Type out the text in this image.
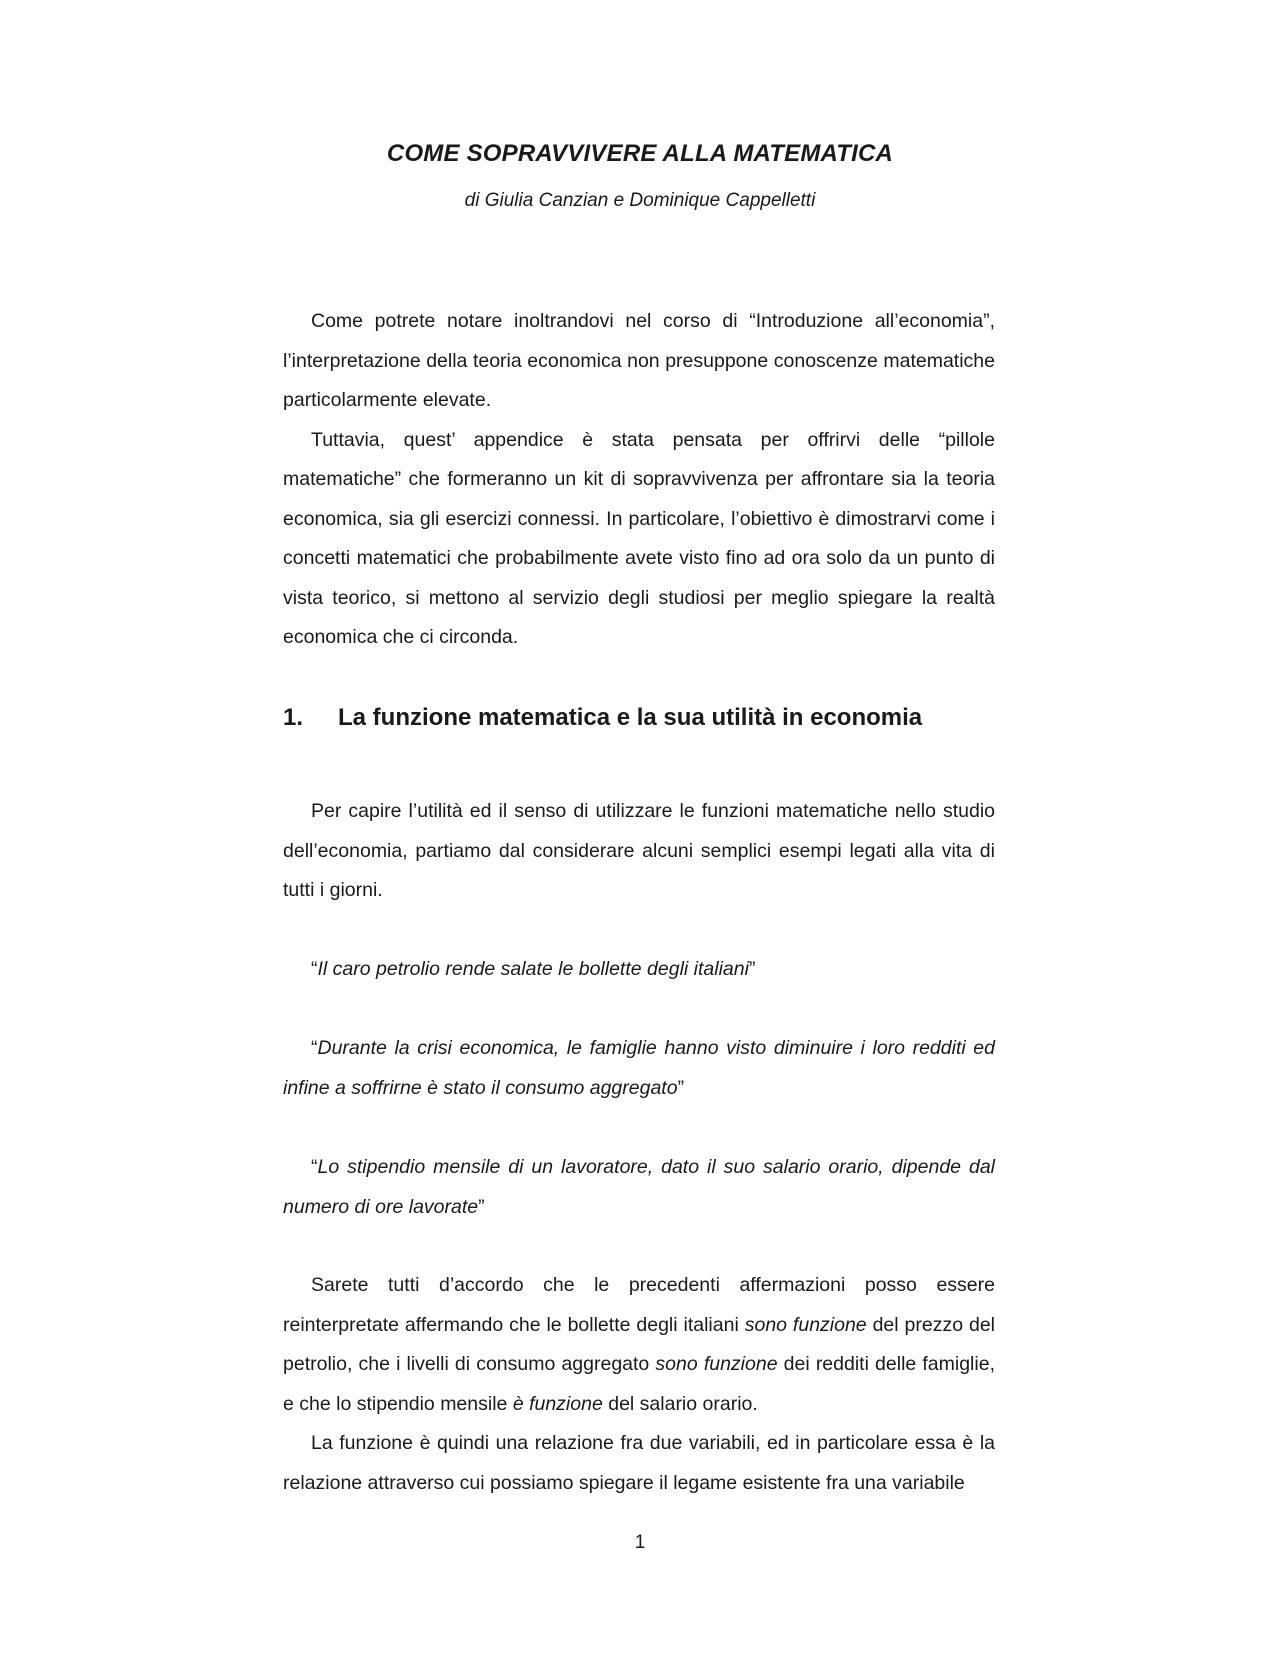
COME SOPRAVVIVERE ALLA MATEMATICA
di Giulia Canzian e Dominique Cappelletti

Come potrete notare inoltrandovi nel corso di “Introduzione all’economia”, l’interpretazione della teoria economica non presuppone conoscenze matematiche particolarmente elevate.

Tuttavia, quest’ appendice è stata pensata per offrirvi delle “pillole matematiche” che formeranno un kit di sopravvivenza per affrontare sia la teoria economica, sia gli esercizi connessi. In particolare, l’obiettivo è dimostrarvi come i concetti matematici che probabilmente avete visto fino ad ora solo da un punto di vista teorico, si mettono al servizio degli studiosi per meglio spiegare la realtà economica che ci circonda.

1. La funzione matematica e la sua utilità in economia

Per capire l’utilità ed il senso di utilizzare le funzioni matematiche nello studio dell’economia, partiamo dal considerare alcuni semplici esempi legati alla vita di tutti i giorni.

“Il caro petrolio rende salate le bollette degli italiani”

“Durante la crisi economica, le famiglie hanno visto diminuire i loro redditi ed infine a soffrirne è stato il consumo aggregato”

“Lo stipendio mensile di un lavoratore, dato il suo salario orario, dipende dal numero di ore lavorate”

Sarete tutti d’accordo che le precedenti affermazioni posso essere reinterpretate affermando che le bollette degli italiani sono funzione del prezzo del petrolio, che i livelli di consumo aggregato sono funzione dei redditi delle famiglie, e che lo stipendio mensile è funzione del salario orario.

La funzione è quindi una relazione fra due variabili, ed in particolare essa è la relazione attraverso cui possiamo spiegare il legame esistente fra una variabile

1
